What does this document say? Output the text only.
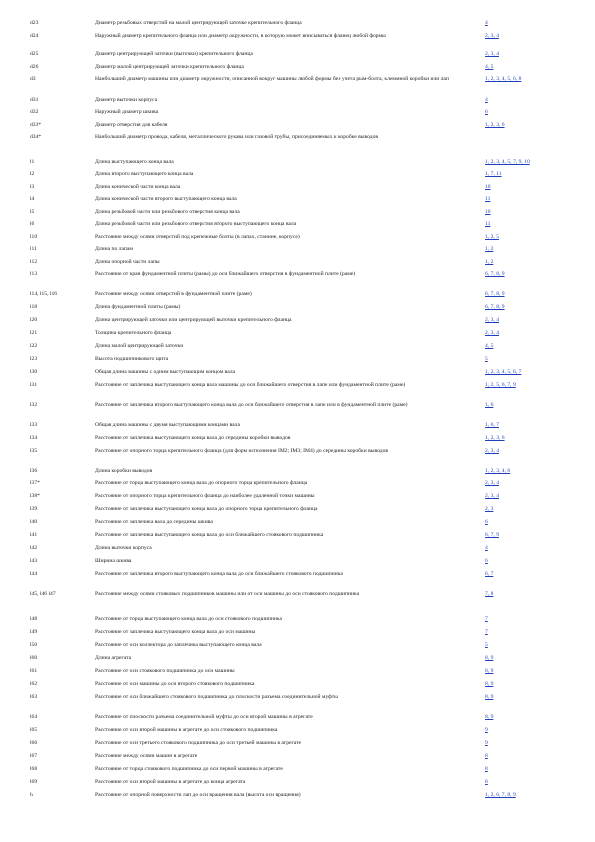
d23	Диаметр резьбовых отверстий на малой центрирующей заточке крепительного фланца	4
d24	Наружный диаметр крепительного фланца или диаметр окружности, в которую может вписываться фланец любой формы	2, 3, 4
d25	Диаметр центрирующей заточки (выточки) крепительного фланца	2, 3, 4
d26	Диаметр малой центрирующей заточки крепительного фланца	4, 5
d3	Наибольший диаметр машины или диаметр окружности, описанной вокруг машины любой формы без учета рым-болта, клеммной коробки или лап	1, 2, 3, 4, 5, 6, 8
d31	Диаметр выточки корпуса	4
d32	Наружный диаметр шкива	6
d33*	Диаметр отверстия для кабеля	1, 2, 3, 6
d34*	Наибольший диаметр провода, кабеля, металлического рукава или газовой трубы, присоединяемых к коробке выводов	
l1	Длина выступающего конца вала	1, 2, 3, 4, 5, 7, 9, 10
l2	Длина второго выступающего конца вала	1, 7, 11
l3	Длина конической части конца вала	10
l4	Длина конической части второго выступающего конца вала	11
l5	Длина резьбовой части или резьбового отверстия конца вала	10
l6	Длина резьбовой части или резьбового отверстия второго выступающего конца вала	11
l10	Расстояние между осями отверстий под крепежные болты (в лапах, станине, корпусе)	1, 2, 5
l11	Длина по лапам	1, 2
l12	Длина опорной части лапы	1, 2
l13	Расстояние от края фундаментной плиты (рамы) до оси ближайшего отверстия в фундаментной плите (раме)	6, 7, 8, 9
l14, l15, l16	Расстояние между осями отверстий в фундаментной плите (раме)	6, 7, 8, 9
l18	Длина фундаментной плиты (рамы)	6, 7, 8, 9
l20	Длина центрирующей заточки или центрирующей выточки крепительного фланца	2, 3, 4
l21	Толщина крепительного фланца	2, 3, 4
l22	Длина малой центрирующей заточки	4, 5
l23	Высота подшипникового щита	5
l30	Общая длина машины с одним выступающим концом вала	1, 2, 3, 4, 5, 6, 7
l31	Расстояние от заплечика выступающего конца вала машины до оси ближайшего отверстия в лапе или фундаментной плите (раме)	1, 2, 5, 6, 7, 9
l32	Расстояние от заплечика второго выступающего конца вала до оси ближайшего отверстия в лапе или в фундаментной плите (раме)	1, 6
l33	Общая длина машины с двумя выступающими концами вала	1, 6, 7
l34	Расстояние от заплечика выступающего конца вала до середины коробки выводов	1, 2, 3, 6
l35	Расстояние от опорного торца крепительного фланца (для форм исполнения IM2; IM3; IM4) до середины коробки выводов	2, 3, 4
l36	Длина коробки выводов	1, 2, 3, 4, 6
l37*	Расстояние от торца выступающего конца вала до опорного торца крепительного фланца	2, 3, 4
l38*	Расстояние от опорного торца крепительного фланца до наиболее удаленной точки машины	2, 3, 4
l39	Расстояние от заплечика выступающего конца вала до опорного торца крепительного фланца	2, 3
l40	Расстояние от заплечика вала до середины шкива	6
l41	Расстояние от заплечика выступающего конца вала до оси ближайшего стоякового подшипника	6, 7, 9
l42	Длина выточки корпуса	4
l43	Ширина шкива	6
l44	Расстояние от заплечика второго выступающего конца вала до оси ближайшего стоякового подшипника	6, 7
l45, l46 l47	Расстояние между осями стояковых подшипников машины или от оси машины до оси стоякового подшипника	7, 8
l48	Расстояние от торца выступающего конца вала до оси стоякового подшипника	7
l49	Расстояние от заплечика выступающего конца вала до оси машины	7
l50	Расстояние от оси коллектора до заплечика выступающего конца вала	5
l60	Длина агрегата	8, 9
l61	Расстояние от оси стоякового подшипника до оси машины	8, 9
l62	Расстояние от оси машины до оси второго стоякового подшипника	8, 9
l63	Расстояние от оси ближайшего стоякового подшипника до плоскости разъема соединительной муфты	8, 9
l64	Расстояние от плоскости разъема соединительной муфты до оси второй машины в агрегате	8, 9
l65	Расстояние от оси второй машины в агрегате до оси стоякового подшипника	9
l66	Расстояние от оси третьего стоякового подшипника до оси третьей машины в агрегате	9
l67	Расстояние между осями машин в агрегате	8
l68	Расстояние от торца стоякового подшипника до оси первой машины в агрегате	8
l69	Расстояние от оси второй машины в агрегате до конца агрегата	8
h	Расстояние от опорной поверхности лап до оси вращения вала (высота оси вращения)	1, 2, 6, 7, 8, 9
